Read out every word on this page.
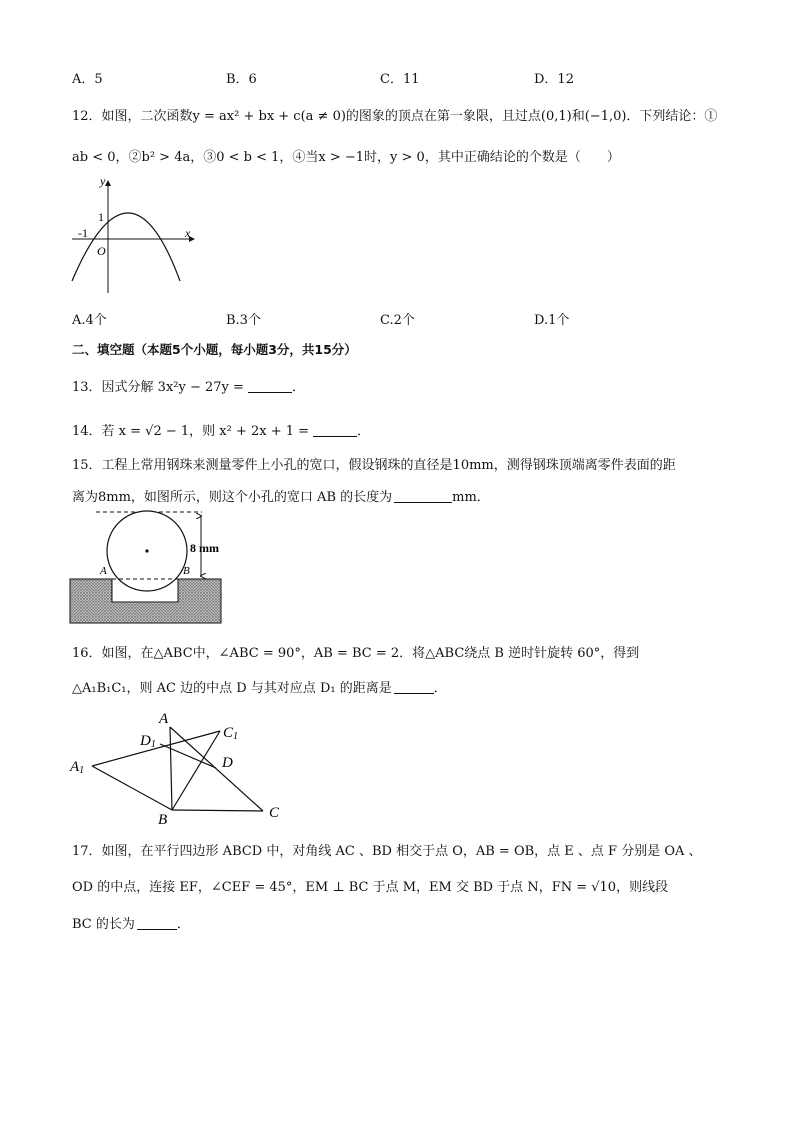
A．5	B．6	C．11	D．12
12．如图，二次函数y = ax² + bx + c(a ≠ 0)的图象的顶点在第一象限，且过点(0,1)和(−1,0)．下列结论：①
ab < 0，②b² > 4a，③0 < b < 1，④当x > −1时，y > 0，其中正确结论的个数是（　　）
y
x
1
-1
O
A.4个	B.3个	C.2个	D.1个
二、填空题（本题5个小题，每小题3分，共15分）
13．因式分解 3x²y − 27y =	．
14．若 x = √2 − 1，则 x² + 2x + 1 =	．
15．工程上常用钢珠来测量零件上小孔的宽口，假设钢珠的直径是10mm，测得钢珠顶端离零件表面的距
离为8mm，如图所示，则这个小孔的宽口 AB 的长度为	mm．
8 mm
A	B
16．如图，在△ABC中，∠ABC = 90°，AB = BC = 2．将△ABC绕点 B 逆时针旋转 60°，得到
△A₁B₁C₁，则 AC 边的中点 D 与其对应点 D₁ 的距离是	．
A
A1
D1
C1
D
B	C
17．如图，在平行四边形 ABCD 中，对角线 AC 、BD 相交于点 O，AB = OB，点 E 、点 F 分别是 OA 、
OD 的中点，连接 EF，∠CEF = 45°，EM ⊥ BC 于点 M，EM 交 BD 于点 N，FN = √10，则线段
BC 的长为	．
